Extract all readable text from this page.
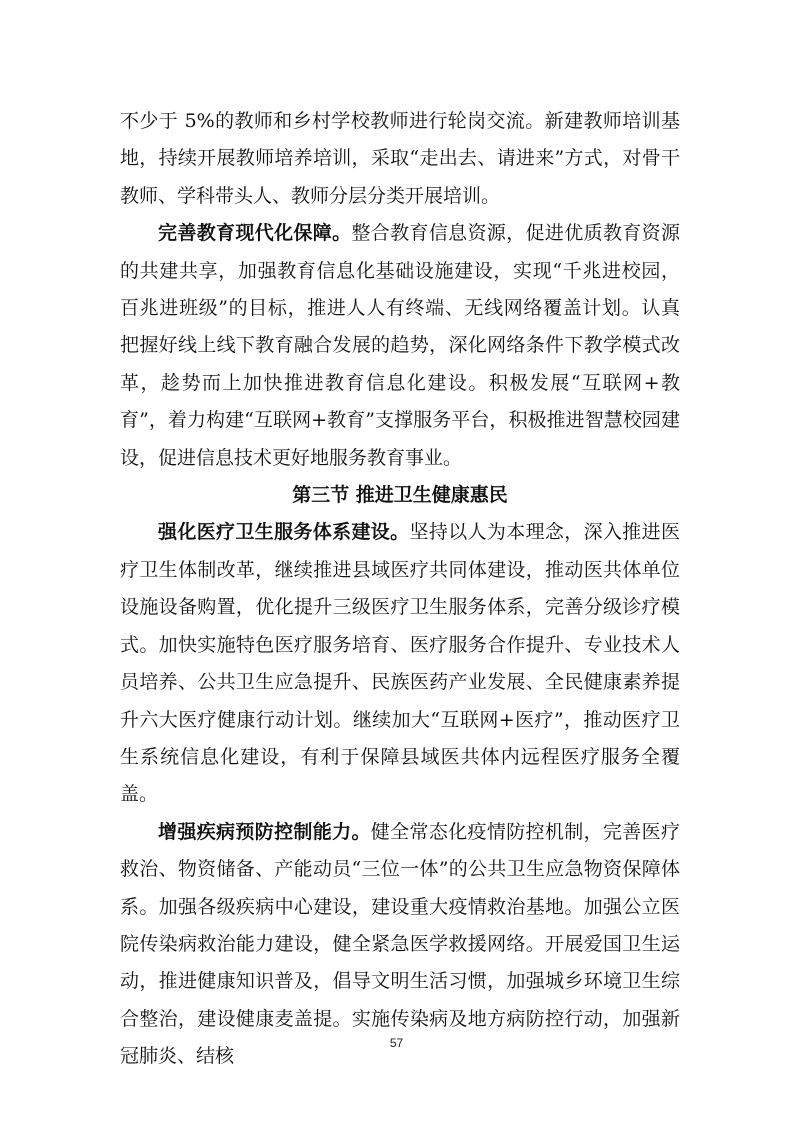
不少于 5%的教师和乡村学校教师进行轮岗交流。新建教师培训基地，持续开展教师培养培训，采取“走出去、请进来”方式，对骨干教师、学科带头人、教师分层分类开展培训。

完善教育现代化保障。整合教育信息资源，促进优质教育资源的共建共享，加强教育信息化基础设施建设，实现“千兆进校园，百兆进班级”的目标，推进人人有终端、无线网络覆盖计划。认真把握好线上线下教育融合发展的趋势，深化网络条件下教学模式改革，趁势而上加快推进教育信息化建设。积极发展“互联网+教育”，着力构建“互联网+教育”支撑服务平台，积极推进智慧校园建设，促进信息技术更好地服务教育事业。

第三节 推进卫生健康惠民

强化医疗卫生服务体系建设。坚持以人为本理念，深入推进医疗卫生体制改革，继续推进县域医疗共同体建设，推动医共体单位设施设备购置，优化提升三级医疗卫生服务体系，完善分级诊疗模式。加快实施特色医疗服务培育、医疗服务合作提升、专业技术人员培养、公共卫生应急提升、民族医药产业发展、全民健康素养提升六大医疗健康行动计划。继续加大“互联网+医疗”，推动医疗卫生系统信息化建设，有利于保障县域医共体内远程医疗服务全覆盖。

增强疾病预防控制能力。健全常态化疫情防控机制，完善医疗救治、物资储备、产能动员“三位一体”的公共卫生应急物资保障体系。加强各级疾病中心建设，建设重大疫情救治基地。加强公立医院传染病救治能力建设，健全紧急医学救援网络。开展爱国卫生运动，推进健康知识普及，倡导文明生活习惯，加强城乡环境卫生综合整治，建设健康麦盖提。实施传染病及地方病防控行动，加强新冠肺炎、结核

57
